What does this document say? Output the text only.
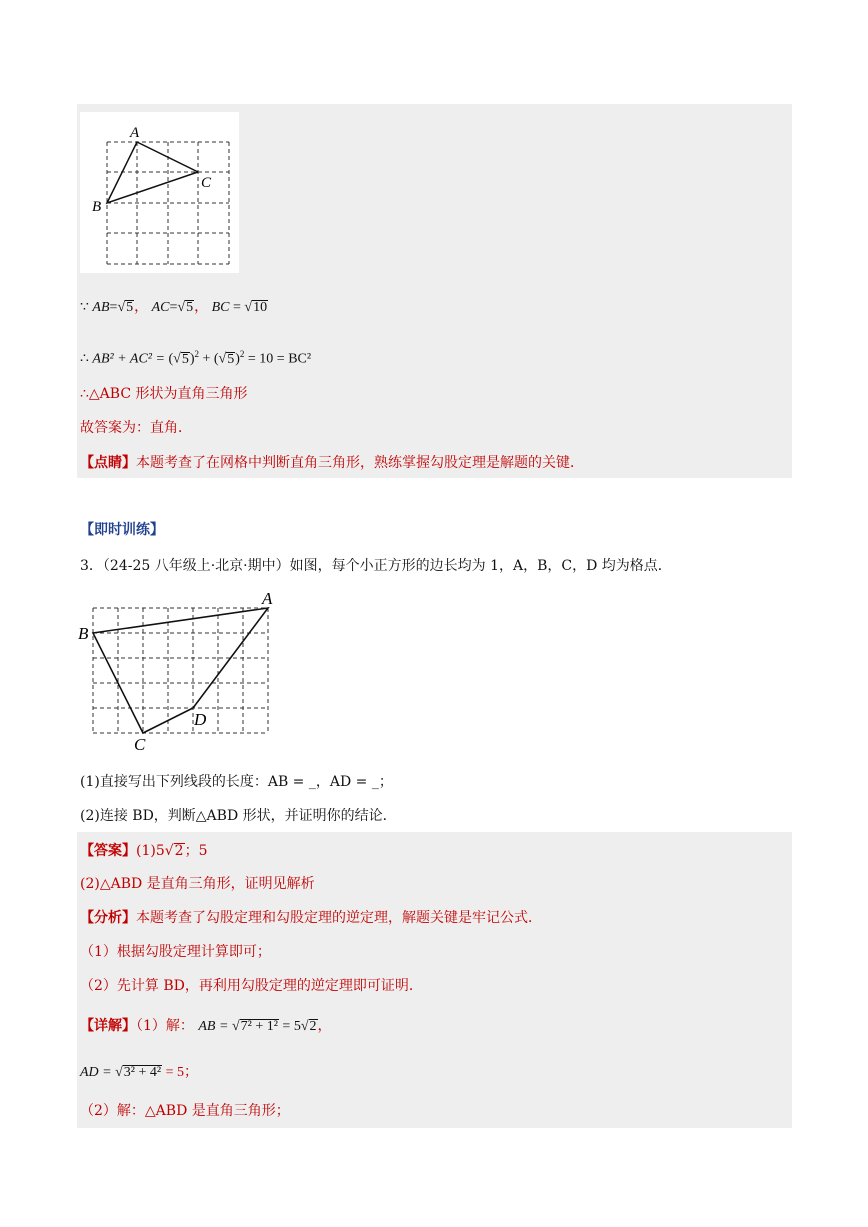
A
C
B
∵ AB=√5， AC=√5， BC = √10
∴ $AB^2 + AC^2 = (√5)^2 + (√5)^2 = 10 = BC^2$
∴△ABC 形状为直角三角形
故答案为：直角．
【点睛】本题考查了在网格中判断直角三角形，熟练掌握勾股定理是解题的关键．
【即时训练】
3．（24-25 八年级上·北京·期中）如图，每个小正方形的边长均为 1，A，B，C，D 均为格点．
A
B
C
D
(1)直接写出下列线段的长度：AB = _，AD = _；
(2)连接 BD，判断△ABD 形状，并证明你的结论．
【答案】(1)5√2；5
(2)△ABD 是直角三角形，证明见解析
【分析】本题考查了勾股定理和勾股定理的逆定理，解题关键是牢记公式．
（1）根据勾股定理计算即可；
（2）先计算 BD，再利用勾股定理的逆定理即可证明．
【详解】（1）解： AB = √7² + 1² = 5√2，
AD = √3² + 4² = 5；
（2）解：△ABD 是直角三角形；
